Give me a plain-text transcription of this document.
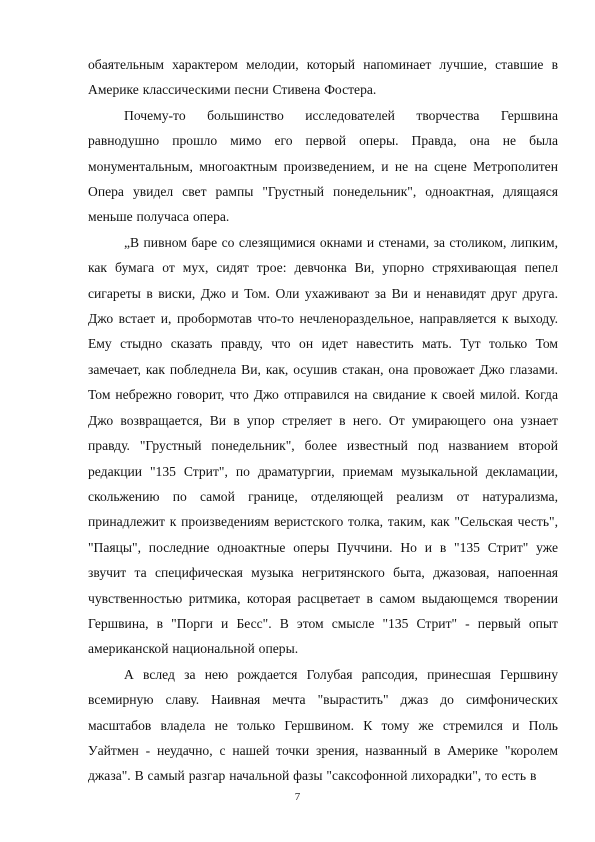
обаятельным характером мелодии, который напоминает лучшие, ставшие в Америке классическими песни Стивена Фостера.

Почему-то большинство исследователей творчества Гершвина равнодушно прошло мимо его первой оперы. Правда, она не была монументальным, многоактным произведением, и не на сцене Метрополитен Опера увидел свет рампы "Грустный понедельник", одноактная, длящаяся меньше получаса опера.

„В пивном баре со слезящимися окнами и стенами, за столиком, липким, как бумага от мух, сидят трое: девчонка Ви, упорно стряхивающая пепел сигареты в виски, Джо и Том. Оли ухаживают за Ви и ненавидят друг друга. Джо встает и, пробормотав что-то нечленораздельное, направляется к выходу. Ему стыдно сказать правду, что он идет навестить мать. Тут только Том замечает, как побледнела Ви, как, осушив стакан, она провожает Джо глазами. Том небрежно говорит, что Джо отправился на свидание к своей милой. Когда Джо возвращается, Ви в упор стреляет в него. От умирающего она узнает правду. "Грустный понедельник", более известный под названием второй редакции "135 Стрит", по драматургии, приемам музыкальной декламации, скольжению по самой границе, отделяющей реализм от натурализма, принадлежит к произведениям веристского толка, таким, как "Сельская честь", "Паяцы", последние одноактные оперы Пуччини. Но и в "135 Стрит" уже звучит та специфическая музыка негритянского быта, джазовая, напоенная чувственностью ритмика, которая расцветает в самом выдающемся творении Гершвина, в "Порги и Бесс". В этом смысле "135 Стрит" - первый опыт американской национальной оперы.

А вслед за нею рождается Голубая рапсодия, принесшая Гершвину всемирную славу. Наивная мечта "вырастить" джаз до симфонических масштабов владела не только Гершвином. К тому же стремился и Поль Уайтмен - неудачно, с нашей точки зрения, названный в Америке "королем джаза". В самый разгар начальной фазы "саксофонной лихорадки", то есть в

7
